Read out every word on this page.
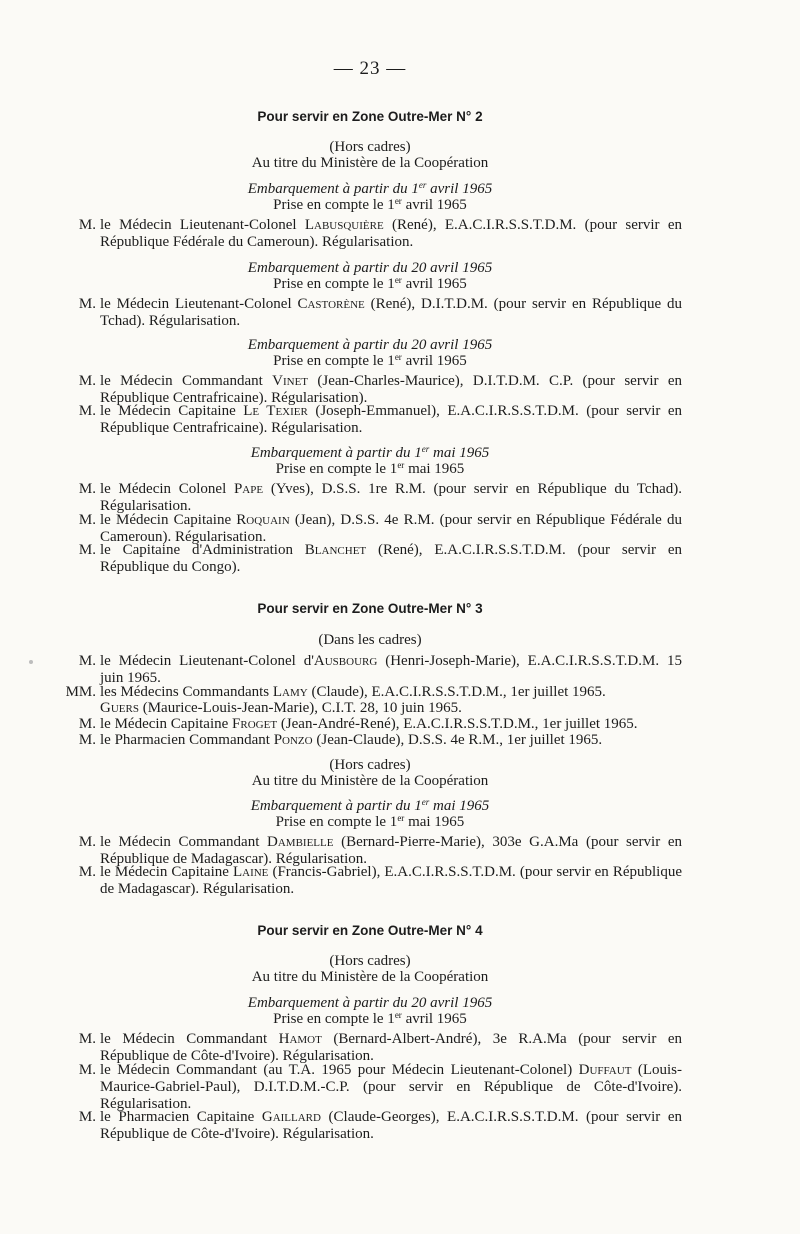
— 23 —
Pour servir en Zone Outre-Mer N° 2
(Hors cadres)
Au titre du Ministère de la Coopération
Embarquement à partir du 1er avril 1965
Prise en compte le 1er avril 1965
M. le Médecin Lieutenant-Colonel Labusquière (René), E.A.C.I.R.S.S.T.D.M. (pour servir en République Fédérale du Cameroun). Régularisation.
Embarquement à partir du 20 avril 1965
Prise en compte le 1er avril 1965
M. le Médecin Lieutenant-Colonel Castorène (René), D.I.T.D.M. (pour servir en République du Tchad). Régularisation.
Embarquement à partir du 20 avril 1965
Prise en compte le 1er avril 1965
M. le Médecin Commandant Vinet (Jean-Charles-Maurice), D.I.T.D.M. C.P. (pour servir en République Centrafricaine). Régularisation).
M. le Médecin Capitaine Le Texier (Joseph-Emmanuel), E.A.C.I.R.S.S.T.D.M. (pour servir en République Centrafricaine). Régularisation.
Embarquement à partir du 1er mai 1965
Prise en compte le 1er mai 1965
M. le Médecin Colonel Pape (Yves), D.S.S. 1re R.M. (pour servir en République du Tchad). Régularisation.
M. le Médecin Capitaine Roquain (Jean), D.S.S. 4e R.M. (pour servir en République Fédérale du Cameroun). Régularisation.
M. le Capitaine d'Administration Blanchet (René), E.A.C.I.R.S.S.T.D.M. (pour servir en République du Congo).
Pour servir en Zone Outre-Mer N° 3
(Dans les cadres)
M. le Médecin Lieutenant-Colonel d'Ausbourg (Henri-Joseph-Marie), E.A.C.I.R.S.S.T.D.M. 15 juin 1965.
MM. les Médecins Commandants Lamy (Claude), E.A.C.I.R.S.S.T.D.M., 1er juillet 1965.
Guers (Maurice-Louis-Jean-Marie), C.I.T. 28, 10 juin 1965.
M. le Médecin Capitaine Froget (Jean-André-René), E.A.C.I.R.S.S.T.D.M., 1er juillet 1965.
M. le Pharmacien Commandant Ponzo (Jean-Claude), D.S.S. 4e R.M., 1er juillet 1965.
(Hors cadres)
Au titre du Ministère de la Coopération
Embarquement à partir du 1er mai 1965
Prise en compte le 1er mai 1965
M. le Médecin Commandant Dambielle (Bernard-Pierre-Marie), 303e G.A.Ma (pour servir en République de Madagascar). Régularisation.
M. le Médecin Capitaine Laine (Francis-Gabriel), E.A.C.I.R.S.S.T.D.M. (pour servir en République de Madagascar). Régularisation.
Pour servir en Zone Outre-Mer N° 4
(Hors cadres)
Au titre du Ministère de la Coopération
Embarquement à partir du 20 avril 1965
Prise en compte le 1er avril 1965
M. le Médecin Commandant Hamot (Bernard-Albert-André), 3e R.A.Ma (pour servir en République de Côte-d'Ivoire). Régularisation.
M. le Médecin Commandant (au T.A. 1965 pour Médecin Lieutenant-Colonel) Duffaut (Louis-Maurice-Gabriel-Paul), D.I.T.D.M.-C.P. (pour servir en République de Côte-d'Ivoire). Régularisation.
M. le Pharmacien Capitaine Gaillard (Claude-Georges), E.A.C.I.R.S.S.T.D.M. (pour servir en République de Côte-d'Ivoire). Régularisation.
